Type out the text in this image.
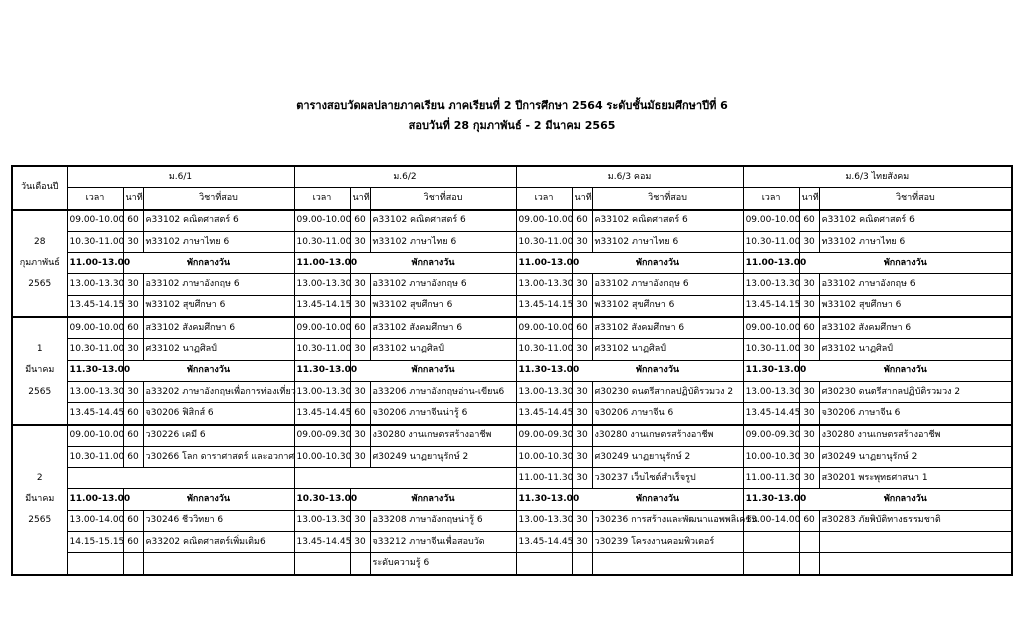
ตารางสอบวัดผลปลายภาคเรียน ภาคเรียนที่ 2 ปีการศึกษา 2564 ระดับชั้นมัธยมศึกษาปีที่ 6
สอบวันที่ 28 กุมภาพันธ์ - 2 มีนาคม 2565
วันเดือนปี	ม.6/1			ม.6/2			ม.6/3 คอม			ม.6/3 ไทยสังคม		
	เวลา	นาที	วิชาที่สอบ	เวลา	นาที	วิชาที่สอบ	เวลา	นาที	วิชาที่สอบ	เวลา	นาที	วิชาที่สอบ
	09.00-10.00	60	ค33102 คณิตศาสตร์ 6	09.00-10.00	60	ค33102 คณิตศาสตร์ 6	09.00-10.00	60	ค33102 คณิตศาสตร์ 6	09.00-10.00	60	ค33102 คณิตศาสตร์ 6
28	10.30-11.00	30	ท33102 ภาษาไทย 6	10.30-11.00	30	ท33102 ภาษาไทย 6	10.30-11.00	30	ท33102 ภาษาไทย 6	10.30-11.00	30	ท33102 ภาษาไทย 6
กุมภาพันธ์	11.00-13.00	พักกลางวัน		11.00-13.00	พักกลางวัน		11.00-13.00	พักกลางวัน		11.00-13.00	พักกลางวัน	
2565	13.00-13.30	30	อ33102 ภาษาอังกฤษ 6	13.00-13.30	30	อ33102 ภาษาอังกฤษ 6	13.00-13.30	30	อ33102 ภาษาอังกฤษ 6	13.00-13.30	30	อ33102 ภาษาอังกฤษ 6
	13.45-14.15	30	พ33102 สุขศึกษา 6	13.45-14.15	30	พ33102 สุขศึกษา 6	13.45-14.15	30	พ33102 สุขศึกษา 6	13.45-14.15	30	พ33102 สุขศึกษา 6
	09.00-10.00	60	ส33102 สังคมศึกษา 6	09.00-10.00	60	ส33102 สังคมศึกษา 6	09.00-10.00	60	ส33102 สังคมศึกษา 6	09.00-10.00	60	ส33102 สังคมศึกษา 6
1	10.30-11.00	30	ศ33102 นาฏศิลป์	10.30-11.00	30	ศ33102 นาฏศิลป์	10.30-11.00	30	ศ33102 นาฏศิลป์	10.30-11.00	30	ศ33102 นาฏศิลป์
มีนาคม	11.30-13.00	พักกลางวัน		11.30-13.00	พักกลางวัน		11.30-13.00	พักกลางวัน		11.30-13.00	พักกลางวัน	
2565	13.00-13.30	30	อ33202 ภาษาอังกฤษเพื่อการท่องเที่ยว	13.00-13.30	30	อ33206 ภาษาอังกฤษอ่าน-เขียน6	13.00-13.30	30	ศ30230 ดนตรีสากลปฏิบัติรวมวง 2	13.00-13.30	30	ศ30230 ดนตรีสากลปฏิบัติรวมวง 2
	13.45-14.45	60	จ30206 ฟิสิกส์ 6	13.45-14.45	60	จ30206 ภาษาจีนน่ารู้ 6	13.45-14.45	30	จ30206 ภาษาจีน 6	13.45-14.45	30	จ30206 ภาษาจีน 6
	09.00-10.00	60	ว30226 เคมี 6	09.00-09.30	30	ง30280 งานเกษตรสร้างอาชีพ	09.00-09.30	30	ง30280 งานเกษตรสร้างอาชีพ	09.00-09.30	30	ง30280 งานเกษตรสร้างอาชีพ
	10.30-11.00	60	ว30266 โลก ดาราศาสตร์ และอวกาศ	10.00-10.30	30	ศ30249 นาฏยานุรักษ์ 2	10.00-10.30	30	ศ30249 นาฏยานุรักษ์ 2	10.00-10.30	30	ศ30249 นาฏยานุรักษ์ 2
2							11.00-11.30	30	ว30237 เว็บไซต์สำเร็จรูป	11.00-11.30	30	ส30201 พระพุทธศาสนา 1
มีนาคม	11.00-13.00	พักกลางวัน		10.30-13.00	พักกลางวัน		11.30-13.00	พักกลางวัน		11.30-13.00	พักกลางวัน	
2565	13.00-14.00	60	ว30246 ชีววิทยา 6	13.00-13.30	30	อ33208 ภาษาอังกฤษน่ารู้ 6	13.00-13.30	30	ว30236 การสร้างและพัฒนาแอพพลิเคชัน	13.00-14.00	60	ส30283 ภัยพิบัติทางธรรมชาติ
	14.15-15.15	60	ค33202 คณิตศาสตร์เพิ่มเติม6	13.45-14.45	30	จ33212 ภาษาจีนเพื่อสอบวัด	13.45-14.45	30	ว30239 โครงงานคอมพิวเตอร์			
						ระดับความรู้ 6						
